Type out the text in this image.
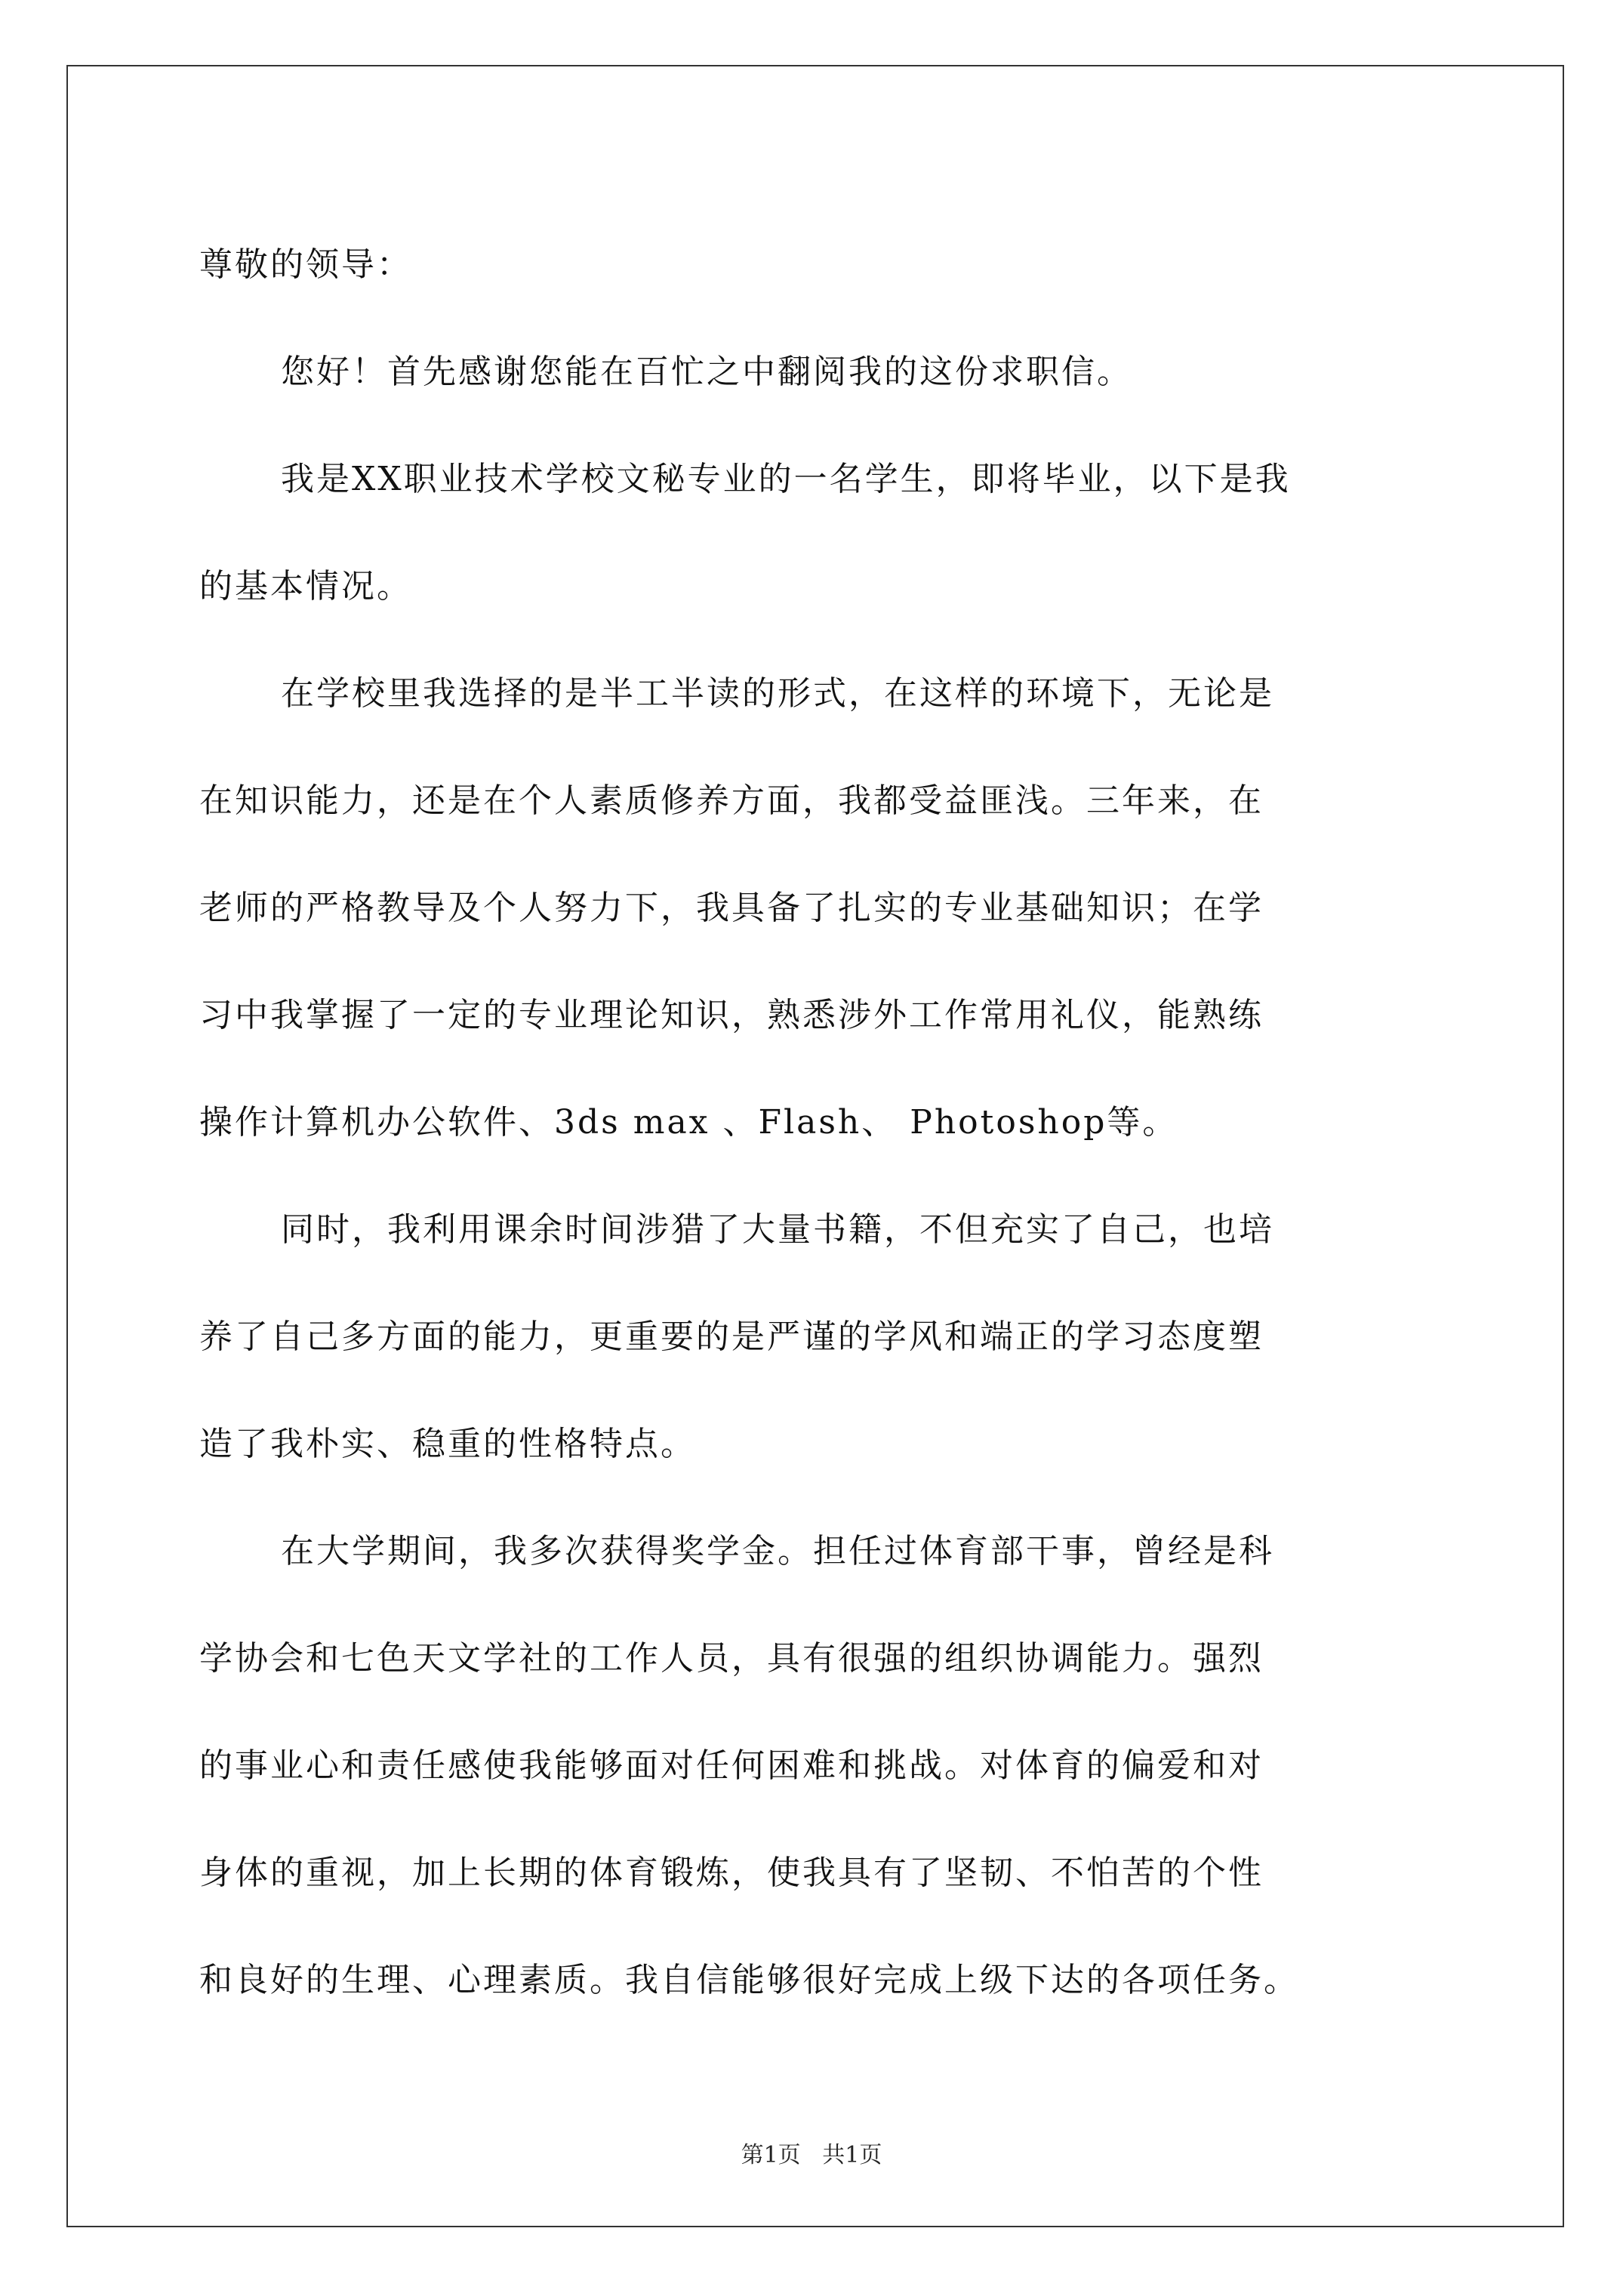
尊敬的领导：
您好！首先感谢您能在百忙之中翻阅我的这份求职信。
我是XX职业技术学校文秘专业的一名学生，即将毕业，以下是我
的基本情况。
在学校里我选择的是半工半读的形式，在这样的环境下，无论是
在知识能力，还是在个人素质修养方面，我都受益匪浅。三年来，在
老师的严格教导及个人努力下，我具备了扎实的专业基础知识；在学
习中我掌握了一定的专业理论知识，熟悉涉外工作常用礼仪，能熟练
操作计算机办公软件、3ds max 、Flash、 Photoshop等。
同时，我利用课余时间涉猎了大量书籍，不但充实了自己，也培
养了自己多方面的能力，更重要的是严谨的学风和端正的学习态度塑
造了我朴实、稳重的性格特点。
在大学期间，我多次获得奖学金。担任过体育部干事，曾经是科
学协会和七色天文学社的工作人员，具有很强的组织协调能力。强烈
的事业心和责任感使我能够面对任何困难和挑战。对体育的偏爱和对
身体的重视，加上长期的体育锻炼，使我具有了坚韧、不怕苦的个性
和良好的生理、心理素质。我自信能够很好完成上级下达的各项任务。
第1页   共1页
